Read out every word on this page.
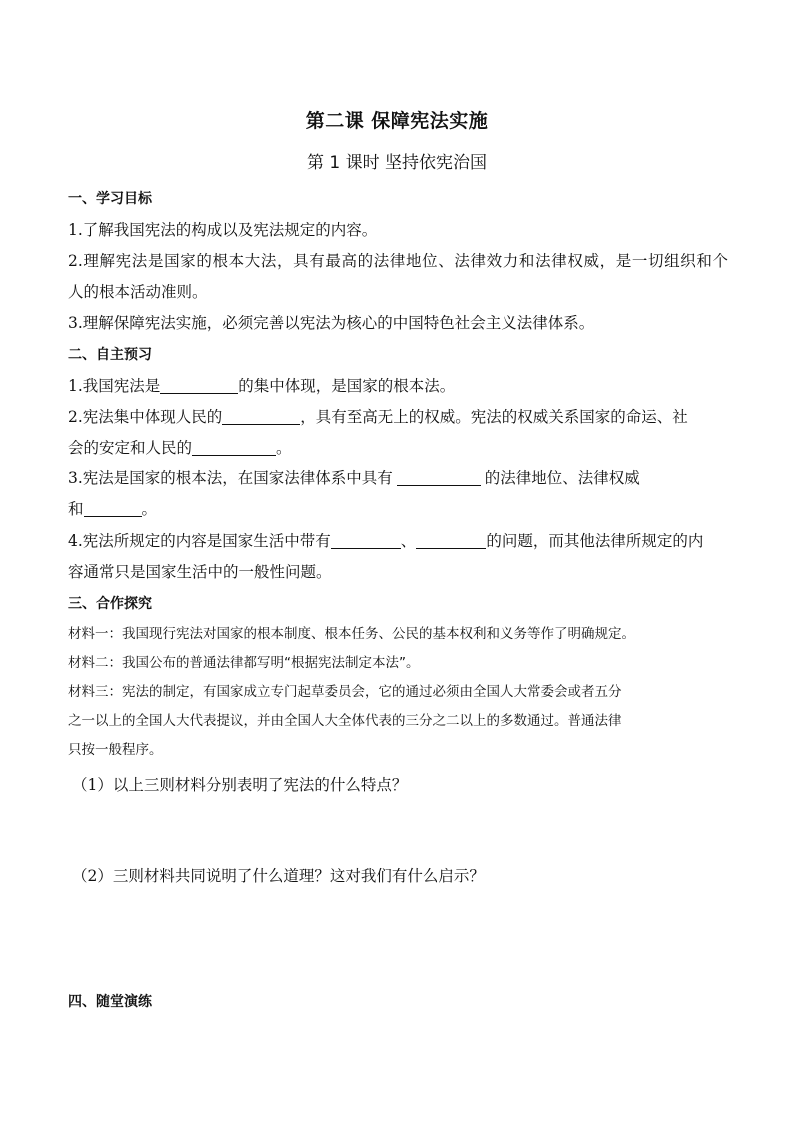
第二课 保障宪法实施
第 1 课时 坚持依宪治国
一、学习目标
1.了解我国宪法的构成以及宪法规定的内容。
2.理解宪法是国家的根本大法，具有最高的法律地位、法律效力和法律权威，是一切组织和个
人的根本活动准则。
3.理解保障宪法实施，必须完善以宪法为核心的中国特色社会主义法律体系。
二、自主预习
1.我国宪法是	的集中体现，是国家的根本法。
2.宪法集中体现人民的	，具有至高无上的权威。宪法的权威关系国家的命运、社
会的安定和人民的	。
3.宪法是国家的根本法，在国家法律体系中具有	的法律地位、法律权威
和	。
4.宪法所规定的内容是国家生活中带有	、	的问题，而其他法律所规定的内
容通常只是国家生活中的一般性问题。
三、合作探究
材料一：我国现行宪法对国家的根本制度、根本任务、公民的基本权利和义务等作了明确规定。
材料二：我国公布的普通法律都写明“根据宪法制定本法”。
材料三：宪法的制定，有国家成立专门起草委员会，它的通过必须由全国人大常委会或者五分
之一以上的全国人大代表提议，并由全国人大全体代表的三分之二以上的多数通过。普通法律
只按一般程序。
（1）以上三则材料分别表明了宪法的什么特点？
（2）三则材料共同说明了什么道理？这对我们有什么启示？
四、随堂演练
